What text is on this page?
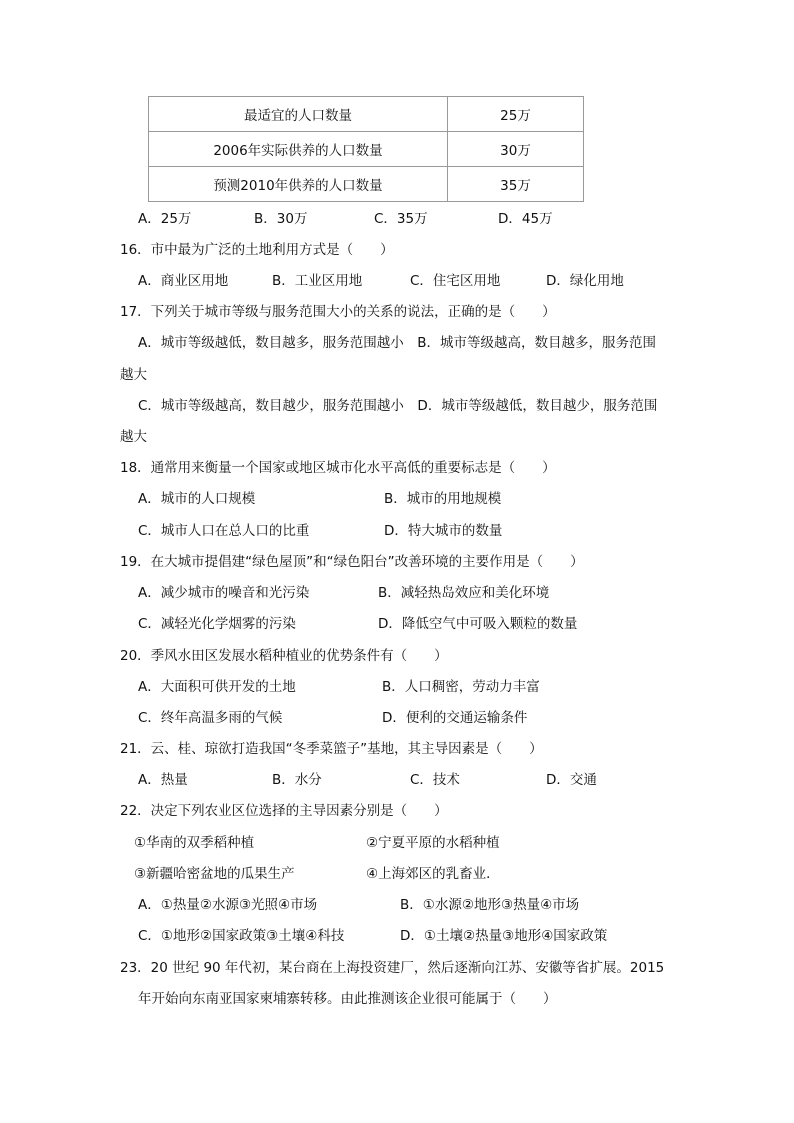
最适宜的人口数量	25万
2006年实际供养的人口数量	30万
预测2010年供养的人口数量	35万
A．25万	B．30万	C．35万	D．45万
16．市中最为广泛的土地利用方式是（　　）
A．商业区用地	B．工业区用地	C．住宅区用地	D．绿化用地
17．下列关于城市等级与服务范围大小的关系的说法，正确的是（　　）
A．城市等级越低，数目越多，服务范围越小　B．城市等级越高，数目越多，服务范围
越大
C．城市等级越高，数目越少，服务范围越小　D．城市等级越低，数目越少，服务范围
越大
18．通常用来衡量一个国家或地区城市化水平高低的重要标志是（　　）
A．城市的人口规模	B．城市的用地规模
C．城市人口在总人口的比重	D．特大城市的数量
19．在大城市提倡建“绿色屋顶”和“绿色阳台”改善环境的主要作用是（　　）
A．减少城市的噪音和光污染	B．减轻热岛效应和美化环境
C．减轻光化学烟雾的污染	D．降低空气中可吸入颗粒的数量
20．季风水田区发展水稻种植业的优势条件有（　　）
A．大面积可供开发的土地	B．人口稠密，劳动力丰富
C．终年高温多雨的气候	D．便利的交通运输条件
21．云、桂、琼欲打造我国“冬季菜篮子”基地，其主导因素是（　　）
A．热量	B．水分	C．技术	D．交通
22．决定下列农业区位选择的主导因素分别是（　　）
①华南的双季稻种植	②宁夏平原的水稻种植
③新疆哈密盆地的瓜果生产	④上海郊区的乳畜业．
A．①热量②水源③光照④市场	B．①水源②地形③热量④市场
C．①地形②国家政策③土壤④科技	D．①土壤②热量③地形④国家政策
23．20 世纪 90 年代初，某台商在上海投资建厂，然后逐渐向江苏、安徽等省扩展。2015
年开始向东南亚国家柬埔寨转移。由此推测该企业很可能属于（　　）
